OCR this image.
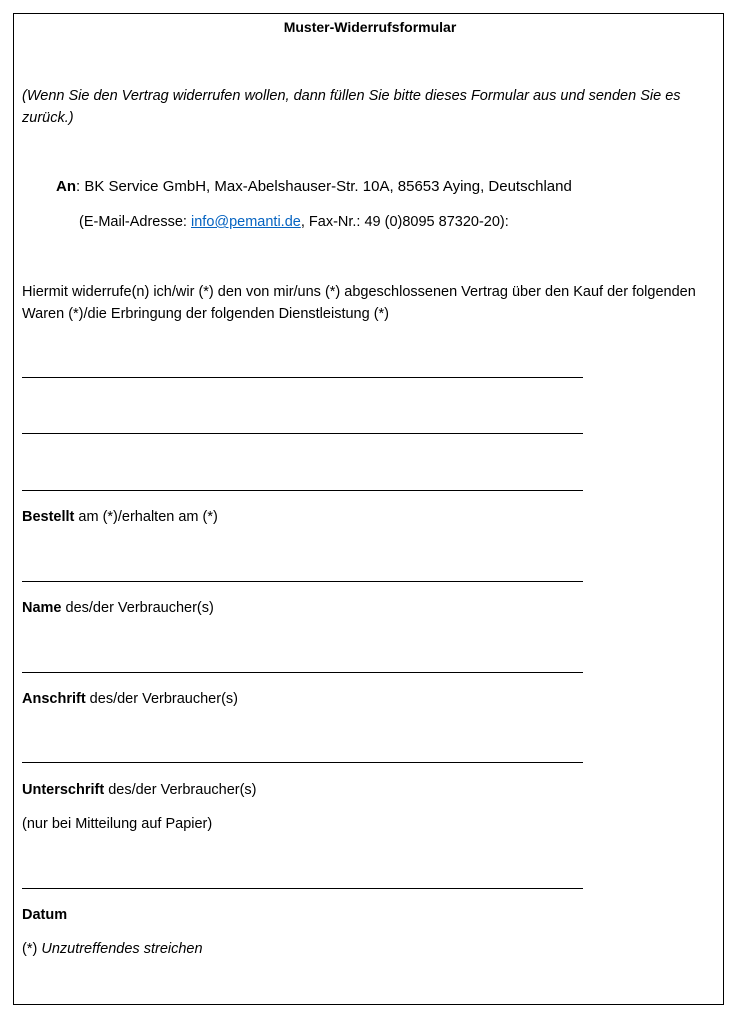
Muster-Widerrufsformular
(Wenn Sie den Vertrag widerrufen wollen, dann füllen Sie bitte dieses Formular aus und senden Sie es zurück.)
An: BK Service GmbH, Max-Abelshauser-Str. 10A, 85653 Aying, Deutschland
(E-Mail-Adresse: info@pemanti.de, Fax-Nr.: 49 (0)8095 87320-20):
Hiermit widerrufe(n) ich/wir (*) den von mir/uns (*) abgeschlossenen Vertrag über den Kauf der folgenden Waren (*)/die Erbringung der folgenden Dienstleistung (*)
Bestellt am (*)/erhalten am (*)
Name des/der Verbraucher(s)
Anschrift des/der Verbraucher(s)
Unterschrift des/der Verbraucher(s)
(nur bei Mitteilung auf Papier)
Datum
(*) Unzutreffendes streichen
